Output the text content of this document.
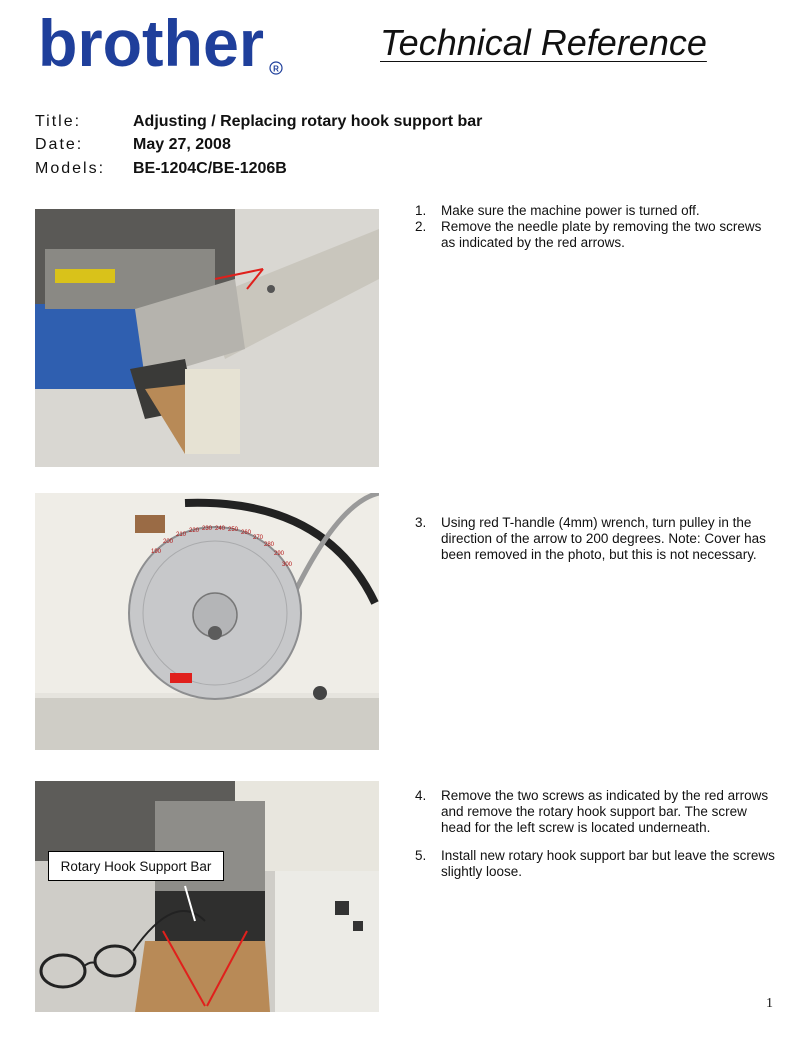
brother R
Technical Reference
Title:	Adjusting / Replacing rotary hook support bar
Date:	May 27, 2008
Models: BE-1204C/BE-1206B
190
200
210
220 230 240 250 260
270
280
290
300
Rotary Hook Support Bar
1. Make sure the machine power is turned off.
2. Remove the needle plate by removing the two screws as indicated by the red arrows.
3. Using red T-handle (4mm) wrench, turn pulley in the direction of the arrow to 200 degrees. Note: Cover has been removed in the photo, but this is not necessary.
4. Remove the two screws as indicated by the red arrows and remove the rotary hook support bar. The screw head for the left screw is located underneath.
5. Install new rotary hook support bar but leave the screws slightly loose.
1
